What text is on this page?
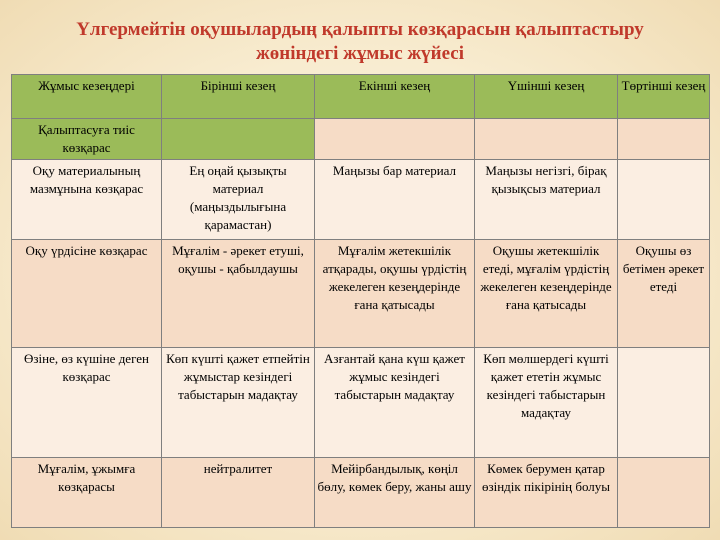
Үлгермейтін оқушылардың қалыпты көзқарасын қалыптастыру
жөніндегі жұмыс жүйесі
Жұмыс кезеңдері	Бірінші кезең	Екінші кезең	Үшінші кезең	Төртінші кезең
Қалыптасуға тиіс көзқарас				
Оқу материалының мазмұнына көзқарас	Ең оңай қызықты материал (маңыздылығына қарамастан)	Маңызы бар материал	Маңызы негізгі, бірақ қызықсыз материал	
Оқу үрдісіне көзқарас	Мұғалім - әрекет етуші, оқушы - қабылдаушы	Мұғалім жетекшілік атқарады, оқушы үрдістің жекелеген кезеңдерінде ғана қатысады	Оқушы жетекшілік етеді, мұғалім үрдістің жекелеген кезеңдерінде ғана қатысады	Оқушы өз бетімен әрекет етеді
Өзіне, өз күшіне деген көзқарас	Көп күшті қажет етпейтін жұмыстар кезіндегі табыстарын мадақтау	Азғантай қана күш қажет жұмыс кезіндегі табыстарын мадақтау	Көп мөлшердегі күшті қажет ететін жұмыс кезіндегі табыстарын мадақтау	
Мұғалім, ұжымға көзқарасы	нейтралитет	Мейірбандылық, көңіл бөлу, көмек беру, жаны ашу	Көмек берумен қатар өзіндік пікірінің болуы	
